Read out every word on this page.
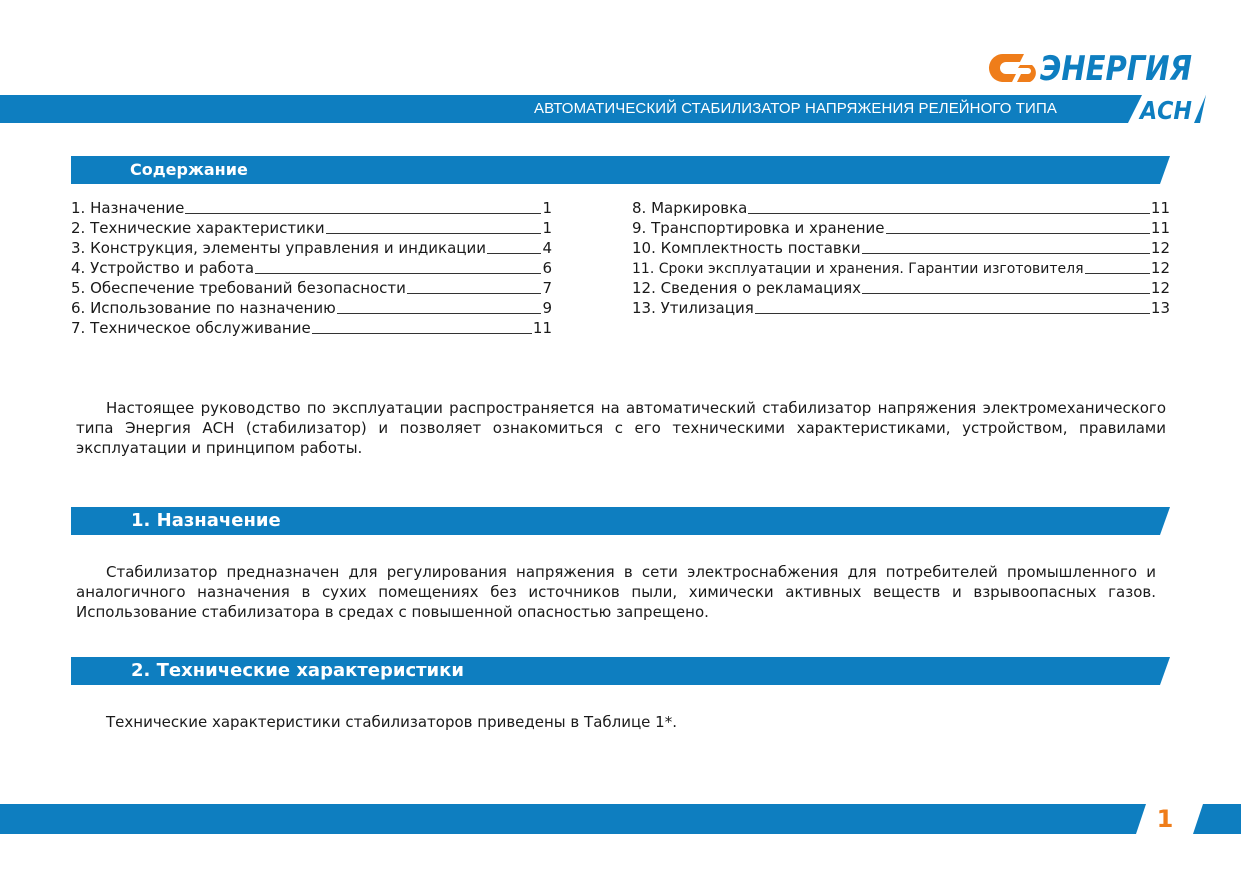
ЭНЕРГИЯ
АВТОМАТИЧЕСКИЙ СТАБИЛИЗАТОР НАПРЯЖЕНИЯ РЕЛЕЙНОГО ТИПА	АСН
Содержание
1. Назначение	1
2. Технические характеристики	1
3. Конструкция, элементы управления и индикации	4
4. Устройство и работа	6
5. Обеспечение требований безопасности	7
6. Использование по назначению	9
7. Техническое обслуживание	11
8. Маркировка	11
9. Транспортировка и хранение	11
10. Комплектность поставки	12
11. Сроки эксплуатации и хранения. Гарантии изготовителя	12
12. Сведения о рекламациях	12
13. Утилизация	13

Настоящее руководство по эксплуатации распространяется на автоматический стабилизатор напряжения электромеханического типа Энергия АСН (стабилизатор) и позволяет ознакомиться с его техническими характеристиками, устройством, правилами эксплуатации и принципом работы.

1. Назначение

Стабилизатор предназначен для регулирования напряжения в сети электроснабжения для потребителей промышленного и аналогичного назначения в сухих помещениях без источников пыли, химически активных веществ и взрывоопасных газов. Использование стабилизатора в средах с повышенной опасностью запрещено.

2. Технические характеристики

Технические характеристики стабилизаторов приведены в Таблице 1*.

1
